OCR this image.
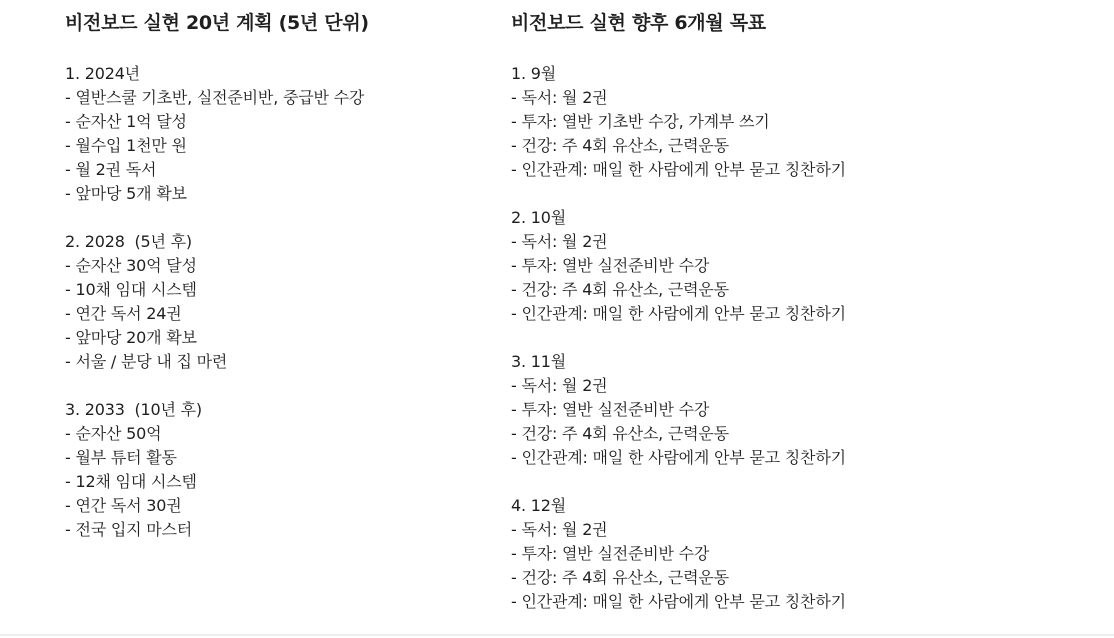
비전보드 실현 20년 계획 (5년 단위)
1. 2024년
- 열반스쿨 기초반, 실전준비반, 중급반 수강
- 순자산 1억 달성
- 월수입 1천만 원
- 월 2권 독서
- 앞마당 5개 확보
2. 2028  (5년 후)
- 순자산 30억 달성
- 10채 임대 시스템
- 연간 독서 24권
- 앞마당 20개 확보
- 서울 / 분당 내 집 마련
3. 2033  (10년 후)
- 순자산 50억
- 월부 튜터 활동
- 12채 임대 시스템
- 연간 독서 30권
- 전국 입지 마스터
비전보드 실현 향후 6개월 목표
1. 9월
- 독서: 월 2권
- 투자: 열반 기초반 수강, 가계부 쓰기
- 건강: 주 4회 유산소, 근력운동
- 인간관계: 매일 한 사람에게 안부 묻고 칭찬하기
2. 10월
- 독서: 월 2권
- 투자: 열반 실전준비반 수강
- 건강: 주 4회 유산소, 근력운동
- 인간관계: 매일 한 사람에게 안부 묻고 칭찬하기
3. 11월
- 독서: 월 2권
- 투자: 열반 실전준비반 수강
- 건강: 주 4회 유산소, 근력운동
- 인간관계: 매일 한 사람에게 안부 묻고 칭찬하기
4. 12월
- 독서: 월 2권
- 투자: 열반 실전준비반 수강
- 건강: 주 4회 유산소, 근력운동
- 인간관계: 매일 한 사람에게 안부 묻고 칭찬하기
